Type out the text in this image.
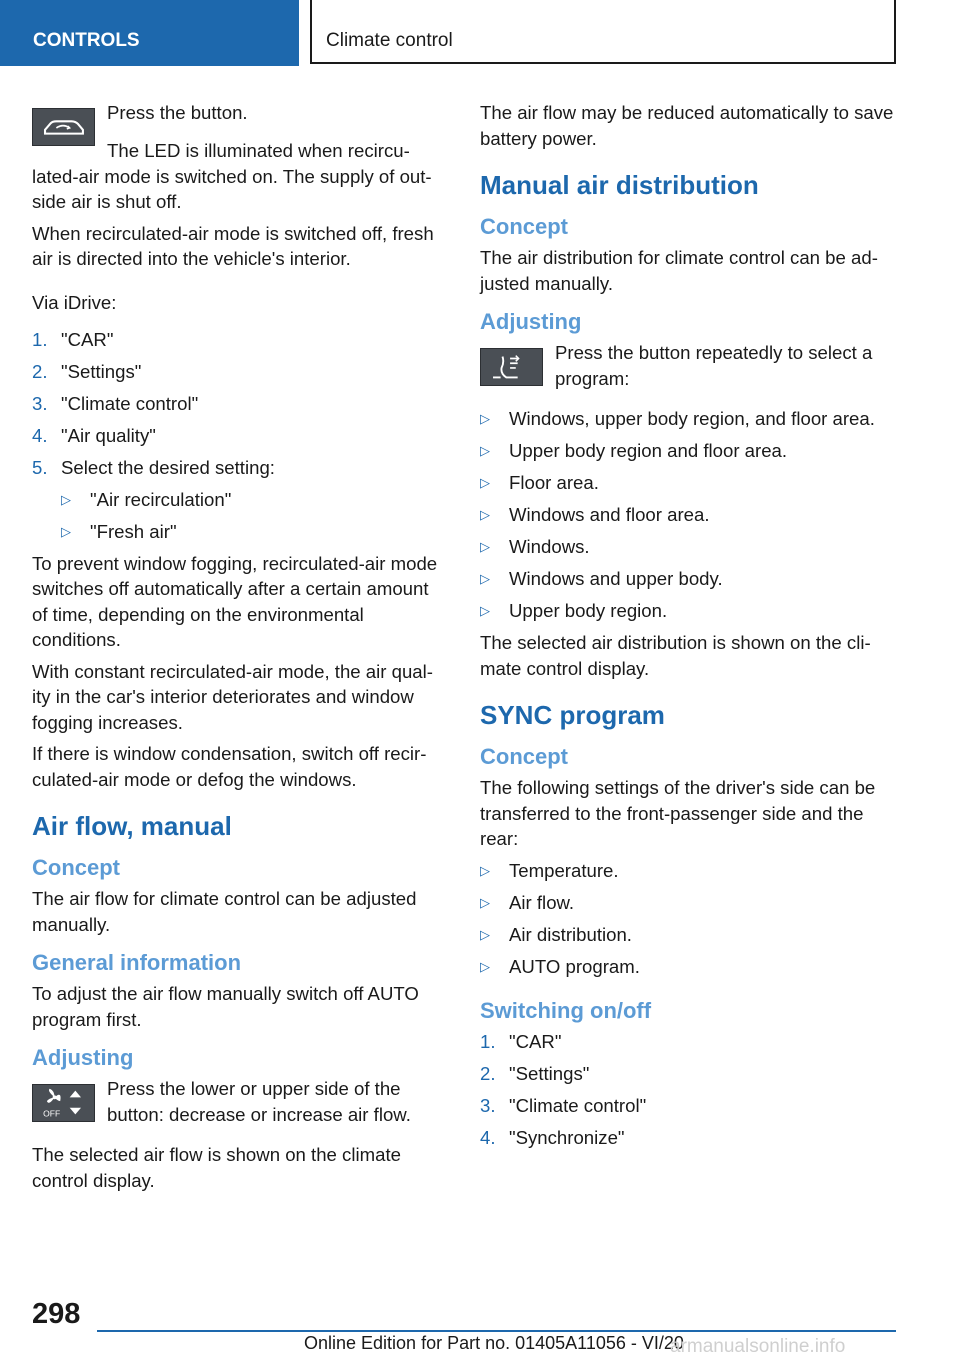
CONTROLS	Climate control

Press the button.

The LED is illuminated when recircu-lated-air mode is switched on. The supply of out-side air is shut off.

When recirculated-air mode is switched off, fresh air is directed into the vehicle's interior.

Via iDrive:

1. "CAR"
2. "Settings"
3. "Climate control"
4. "Air quality"
5. Select the desired setting:
▷ "Air recirculation"
▷ "Fresh air"

To prevent window fogging, recirculated-air mode switches off automatically after a certain amount of time, depending on the environmental conditions.

With constant recirculated-air mode, the air qual-ity in the car's interior deteriorates and window fogging increases.

If there is window condensation, switch off recir-culated-air mode or defog the windows.

Air flow, manual
Concept

The air flow for climate control can be adjusted manually.

General information

To adjust the air flow manually switch off AUTO program first.

Adjusting
OFF

Press the lower or upper side of the button: decrease or increase air flow.

The selected air flow is shown on the climate control display.

The air flow may be reduced automatically to save battery power.

Manual air distribution
Concept

The air distribution for climate control can be ad-justed manually.

Adjusting

Press the button repeatedly to select a program:

▷ Windows, upper body region, and floor area.
▷ Upper body region and floor area.
▷ Floor area.
▷ Windows and floor area.
▷ Windows.
▷ Windows and upper body.
▷ Upper body region.

The selected air distribution is shown on the cli-mate control display.

SYNC program
Concept

The following settings of the driver's side can be transferred to the front-passenger side and the rear:

▷ Temperature.
▷ Air flow.
▷ Air distribution.
▷ AUTO program.
Switching on/off
1. "CAR"
2. "Settings"
3. "Climate control"
4. "Synchronize"
298
Online Edition for Part no. 01405A11056 - VI/20
armanualsonline.info
